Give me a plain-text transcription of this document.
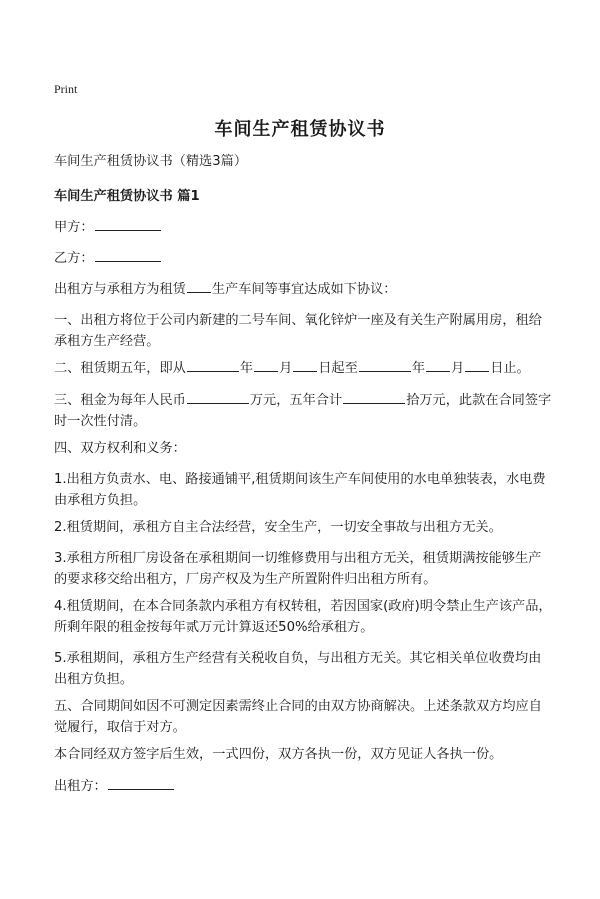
Print
车间生产租赁协议书
车间生产租赁协议书（精选3篇）
车间生产租赁协议书 篇1
甲方：
乙方：
出租方与承租方为租赁 生产车间等事宜达成如下协议：
一、出租方将位于公司内新建的二号车间、氧化锌炉一座及有关生产附属用房，租给承租方生产经营。
二、租赁期五年，即从	年 月 日起至	年 月 日止。
三、租金为每年人民币	万元，五年合计	拾万元，此款在合同签字时一次性付清。
四、双方权利和义务：
1.出租方负责水、电、路接通铺平,租赁期间该生产车间使用的水电单独装表，水电费由承租方负担。
2.租赁期间，承租方自主合法经营，安全生产，一切安全事故与出租方无关。
3.承租方所租厂房设备在承租期间一切维修费用与出租方无关，租赁期满按能够生产的要求移交给出租方，厂房产权及为生产所置附件归出租方所有。
4.租赁期间，在本合同条款内承租方有权转租，若因国家(政府)明令禁止生产该产品，所剩年限的租金按每年贰万元计算返还50%给承租方。
5.承租期间，承租方生产经营有关税收自负，与出租方无关。其它相关单位收费均由出租方负担。
五、合同期间如因不可测定因素需终止合同的由双方协商解决。上述条款双方均应自觉履行，取信于对方。
本合同经双方签字后生效，一式四份，双方各执一份，双方见证人各执一份。
出租方：
